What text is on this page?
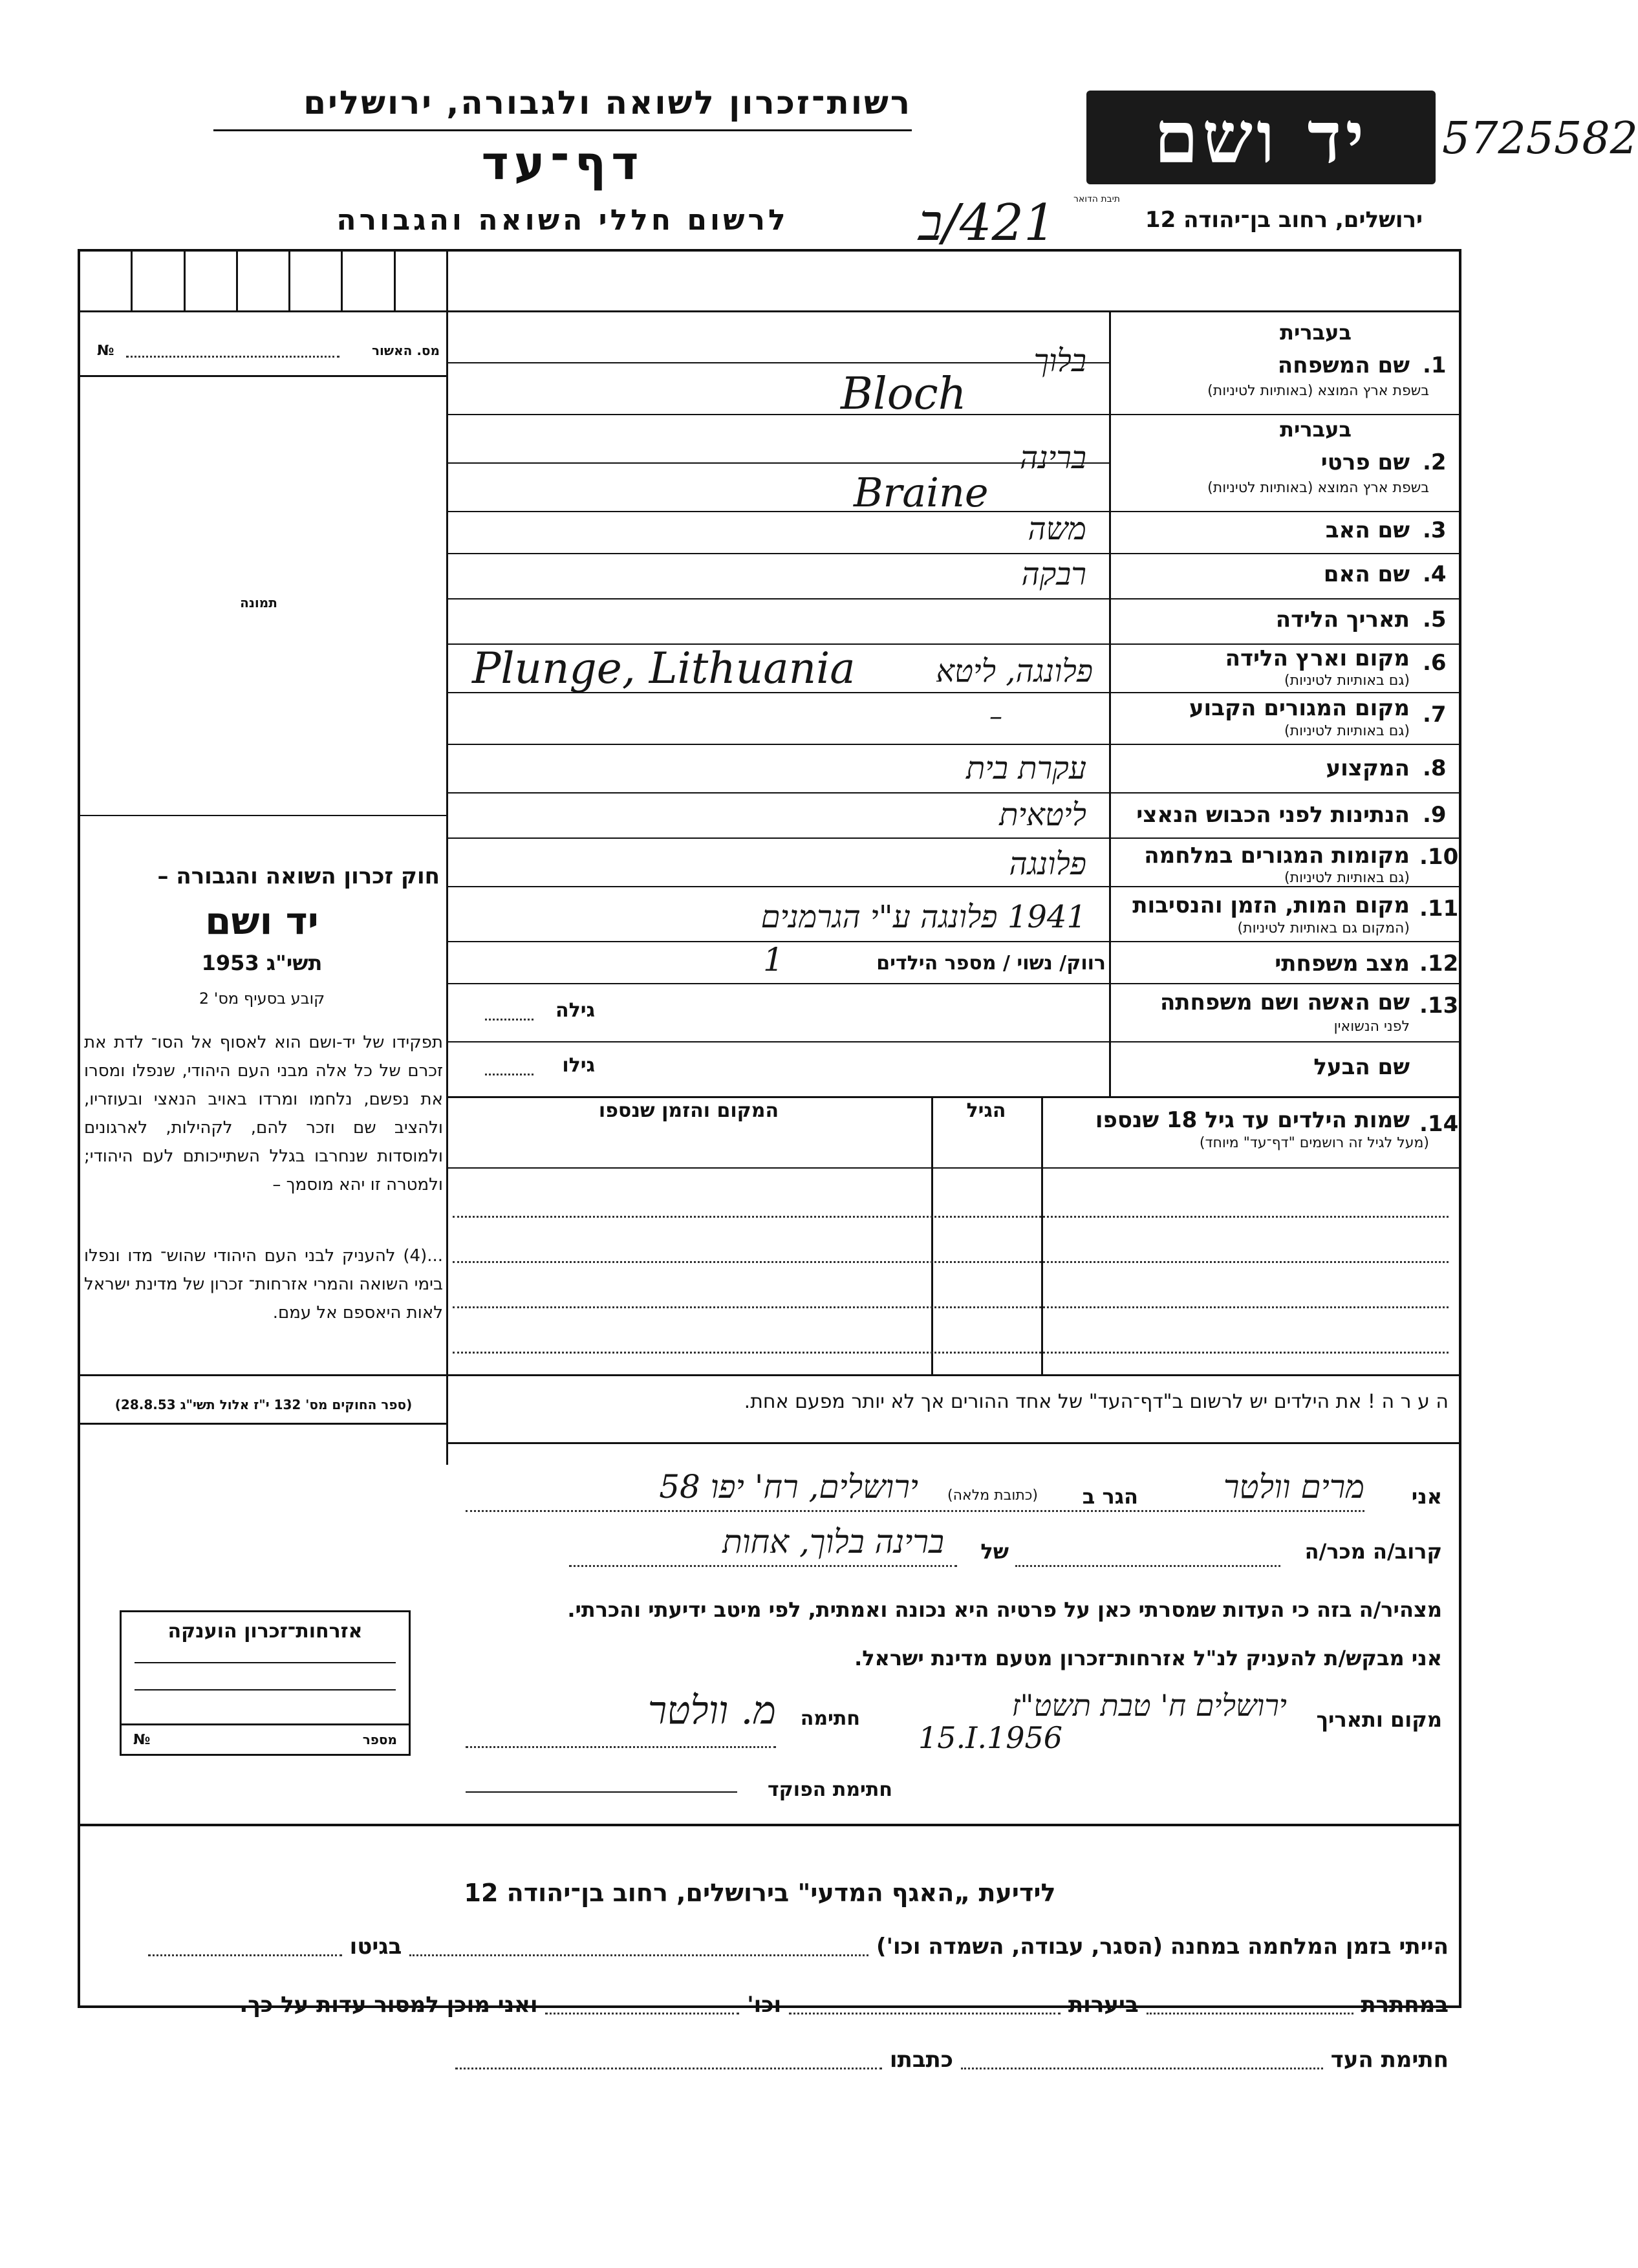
רשות־זכרון לשואה ולגבורה, ירושלים
דף־עד
לרשום חללי השואה והגבורה
יד ושם	5725582
ירושלים, רחוב בן־יהודה 12
תיבת הדואר
421/ב
№	מס. האשור
תמונה
חוק זכרון השואה והגבורה –
יד ושם
תשי"ג 1953
קובע בסעיף מס' 2
תפקידו של יד-ושם הוא לאסוף אל הסו־ לדת את זכרם של כל אלה מבני העם היהודי, שנפלו ומסרו את נפשם, נלחמו ומרדו באויב הנאצי ובעוזריו, ולהציב שם וזכר להם, לקהילות, לארגונים ולמוסדות שנחרבו בגלל השתייכותם לעם היהודי; ולמטרה זו יהא מוסמך –
...(4) להעניק לבני העם היהודי שהוש־ מדו ונפלו בימי השואה והמרי אזרחות־ זכרון של מדינת ישראל לאות היאספם אל עמם.
(ספר החוקים מס' 132 י"ז אלול תשי"ג 28.8.53)
בעברית
.1
שם המשפחה
בשפת ארץ המוצא (באותיות לטיניות)
בלוך
Bloch
בעברית
.2
שם פרטי
בשפת ארץ המוצא (באותיות לטיניות)
ברינה
Braine
.3
שם האב
משה
.4
שם האם
רבקה
.5
תאריך הלידה
.6
מקום וארץ הלידה
(גם באותיות לטיניות)
Plunge, Lithuania	פלונגה, ליטא
.7
מקום המגורים הקבוע
(גם באותיות לטיניות)
–
.8
המקצוע
עקרת בית
.9
הנתינות לפני הכבוש הנאצי
ליטאית
.10
מקומות המגורים במלחמה
(גם באותיות לטיניות)
פלונגה
.11
מקום המות, הזמן והנסיבות
(המקום גם באותיות לטיניות)
1941 פלונגה ע"י הגרמנים
.12
מצב משפחתי
רווק/ נשוי / מספר הילדים
1
.13
שם האשה ושם משפחתה
לפני הנשואין
גילה
שם הבעל
גילו
.14
שמות הילדים עד גיל 18 שנספו
(מעל לגיל זה רושמים "דף־עד" מיוחד)
הגיל
המקום והזמן שנספו
ה ע ר ה ! את הילדים יש לרשום ב"דף־העד" של אחד ההורים אך לא יותר מפעם אחת.
אני
מרים וולטר
הגר ב
(כתובת מלאה)
ירושלים, רח' יפו 58
קרוב/ה מכר/ה
של
ברינה בלוך, אחות
מצהיר/ה בזה כי העדות שמסרתי כאן על פרטיה היא נכונה ואמתית, לפי מיטב ידיעתי והכרתי.
אני מבקש/ת להעניק לנ"ל אזרחות־זכרון מטעם מדינת ישראל.
מקום ותאריך
ירושלים ח' טבת תשט"ז
15.I.1956
חתימה
מ. וולטר
חתימת הפוקד
אזרחות־זכרון הוענקה
№	מספר
לידיעת „האגף המדעי" בירושלים, רחוב בן־יהודה 12
הייתי בזמן המלחמה במחנה (הסגר, עבודה, השמדה וכו')  בגיטו
במחתרת  ביערות  וכו'  ואני מוכן למסור עדות על כך.
חתימת העד  כתבתו
